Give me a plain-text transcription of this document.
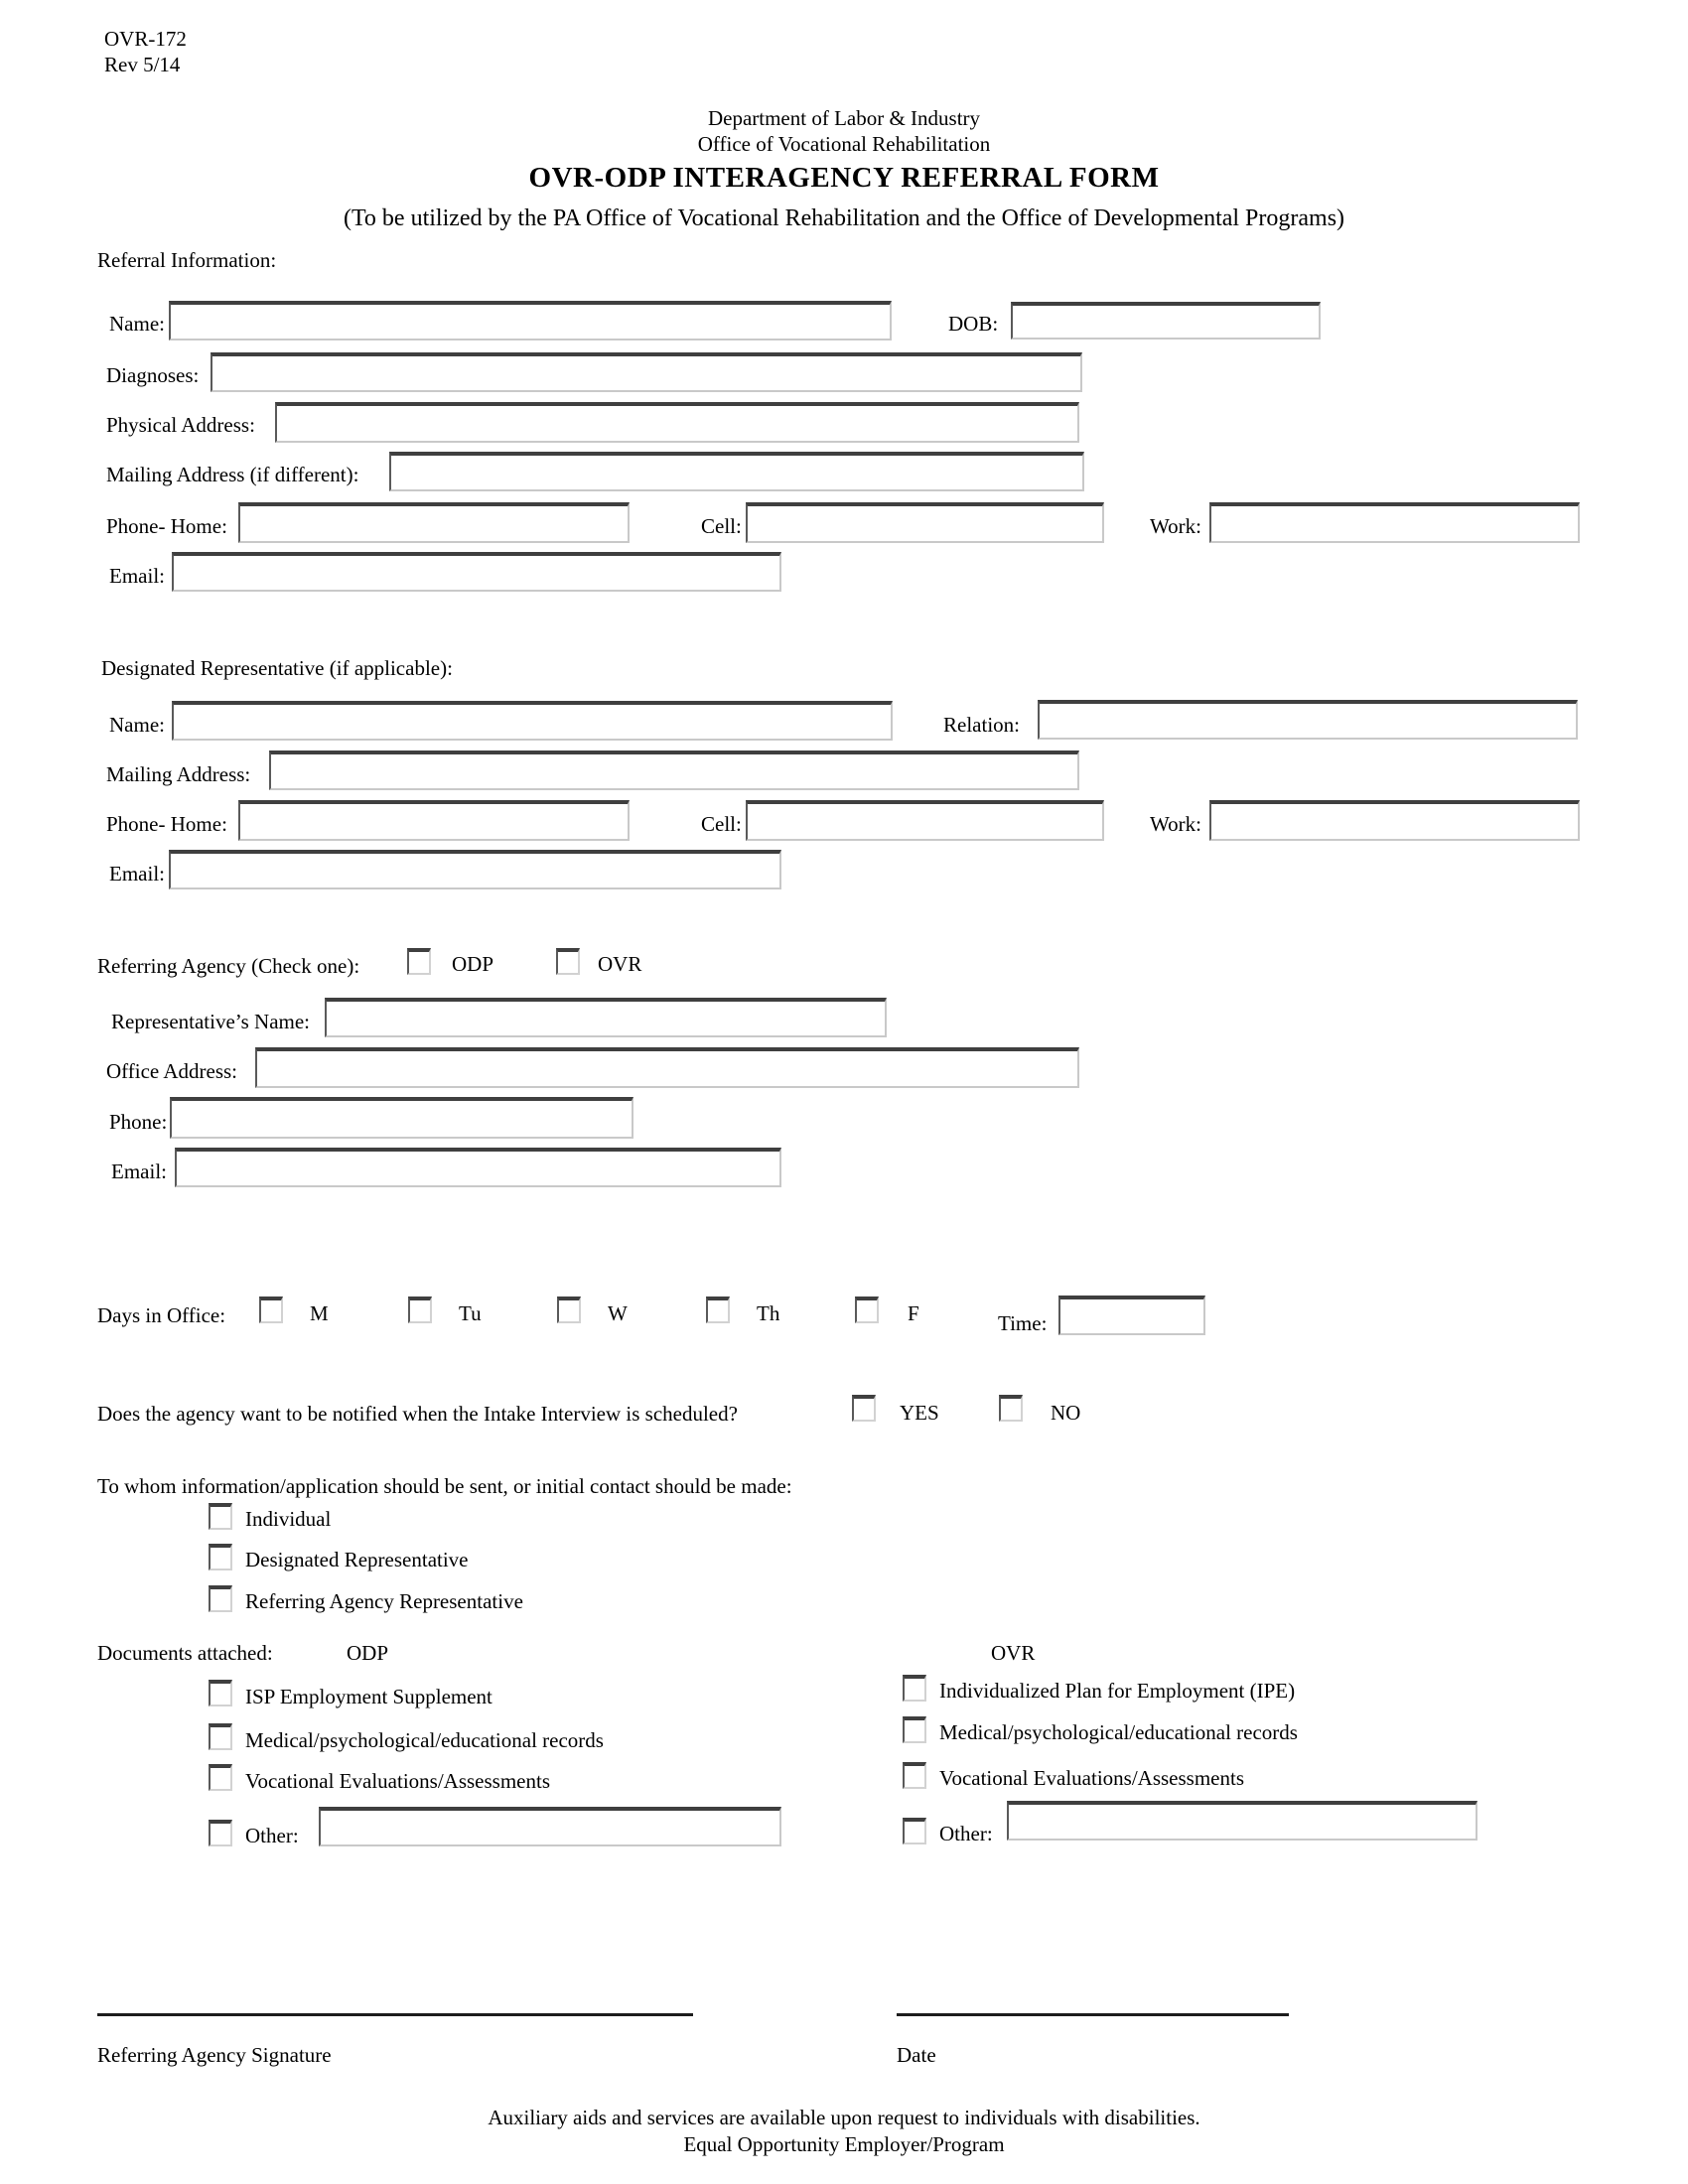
OVR-172
Rev 5/14
Department of Labor & Industry
Office of Vocational Rehabilitation
OVR-ODP INTERAGENCY REFERRAL FORM
(To be utilized by the PA Office of Vocational Rehabilitation and the Office of Developmental Programs)
Referral Information:
Name:	DOB:
Diagnoses:
Physical Address:
Mailing Address (if different):
Phone- Home:	Cell:	Work:
Email:
Designated Representative (if applicable):
Name:	Relation:
Mailing Address:
Phone- Home:	Cell:	Work:
Email:
Referring Agency (Check one):	ODP	OVR
Representative’s Name:
Office Address:
Phone:
Email:
Days in Office:	M	Tu	W	Th	F	Time:
Does the agency want to be notified when the Intake Interview is scheduled?	YES	NO
To whom information/application should be sent, or initial contact should be made:
Individual
Designated Representative
Referring Agency Representative
Documents attached:	ODP	OVR
ISP Employment Supplement
Medical/psychological/educational records
Vocational Evaluations/Assessments
Other:
Individualized Plan for Employment (IPE)
Medical/psychological/educational records
Vocational Evaluations/Assessments
Other:
Referring Agency Signature	Date
Auxiliary aids and services are available upon request to individuals with disabilities.
Equal Opportunity Employer/Program
